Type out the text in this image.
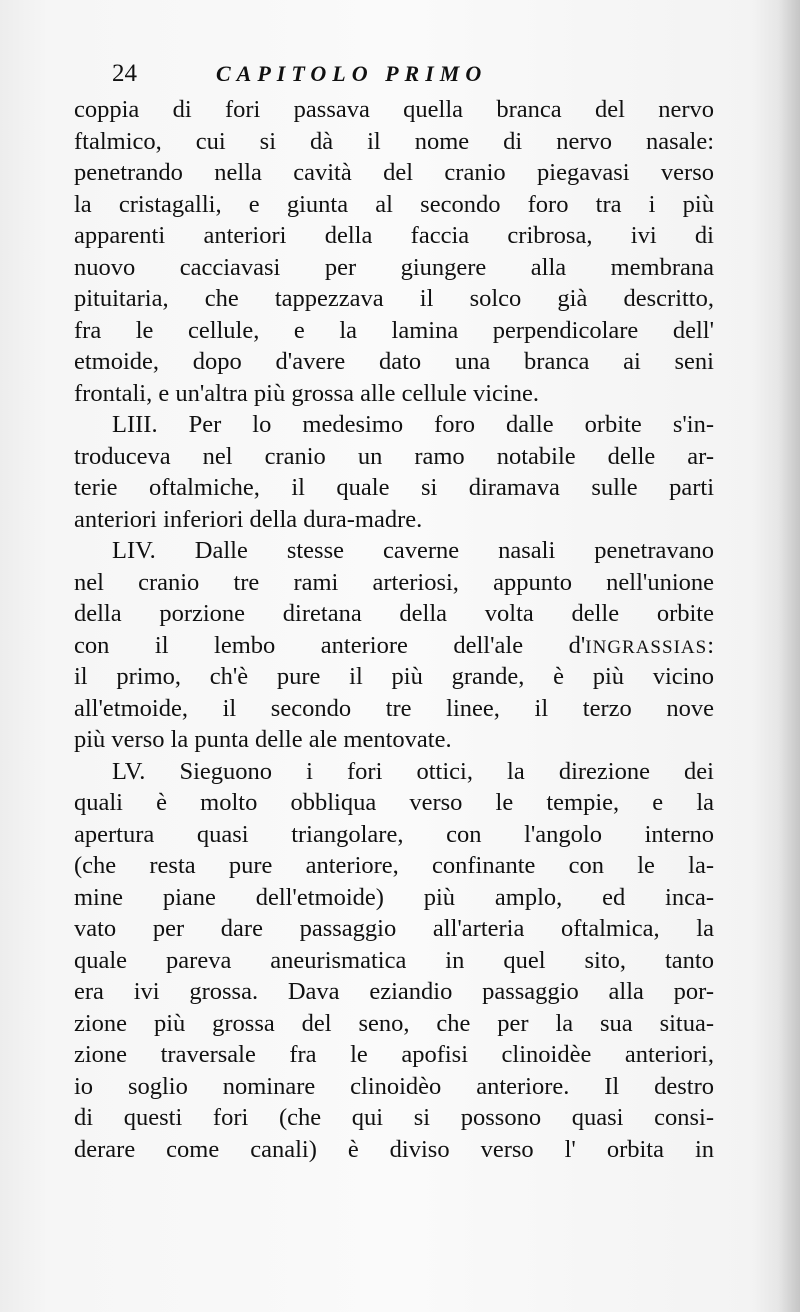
24	CAPITOLO PRIMO
coppia di fori passava quella branca del nervo
ftalmico, cui si dà il nome di nervo nasale:
penetrando nella cavità del cranio piegavasi verso
la cristagalli, e giunta al secondo foro tra i più
apparenti anteriori della faccia cribrosa, ivi di
nuovo cacciavasi per giungere alla membrana
pituitaria, che tappezzava il solco già descritto,
fra le cellule, e la lamina perpendicolare dell'
etmoide, dopo d'avere dato una branca ai seni
frontali, e un'altra più grossa alle cellule vicine.
LIII. Per lo medesimo foro dalle orbite s'in-
troduceva nel cranio un ramo notabile delle ar-
terie oftalmiche, il quale si diramava sulle parti
anteriori inferiori della dura-madre.
LIV. Dalle stesse caverne nasali penetravano
nel cranio tre rami arteriosi, appunto nell'unione
della porzione diretana della volta delle orbite
con il lembo anteriore dell'ale d'INGRASSIAS:
il primo, ch'è pure il più grande, è più vicino
all'etmoide, il secondo tre linee, il terzo nove
più verso la punta delle ale mentovate.
LV. Sieguono i fori ottici, la direzione dei
quali è molto obbliqua verso le tempie, e la
apertura quasi triangolare, con l'angolo interno
(che resta pure anteriore, confinante con le la-
mine piane dell'etmoide) più amplo, ed inca-
vato per dare passaggio all'arteria oftalmica, la
quale pareva aneurismatica in quel sito, tanto
era ivi grossa. Dava eziandio passaggio alla por-
zione più grossa del seno, che per la sua situa-
zione traversale fra le apofisi clinoidèe anteriori,
io soglio nominare clinoidèo anteriore. Il destro
di questi fori (che qui si possono quasi consi-
derare come canali) è diviso verso l' orbita in
